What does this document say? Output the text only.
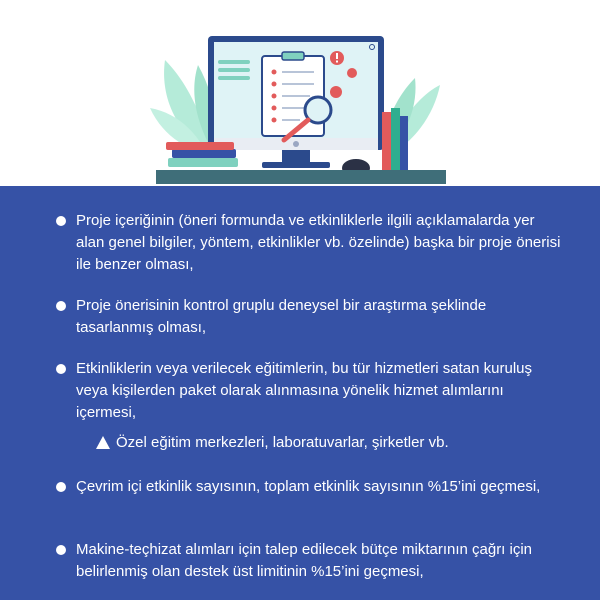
Proje içeriğinin (öneri formunda ve etkinliklerle ilgili açıklamalarda yer alan genel bilgiler, yöntem, etkinlikler vb. özelinde) başka bir proje önerisi ile benzer olması,
Proje önerisinin kontrol gruplu deneysel bir araştırma şeklinde tasarlanmış olması,
Etkinliklerin veya verilecek eğitimlerin, bu tür hizmetleri satan kuruluş veya kişilerden paket olarak alınmasına yönelik hizmet alımlarını içermesi,
Özel eğitim merkezleri, laboratuvarlar, şirketler vb.
Çevrim içi etkinlik sayısının, toplam etkinlik sayısının %15’ini geçmesi,
Makine-teçhizat alımları için talep edilecek bütçe miktarının çağrı için belirlenmiş olan destek üst limitinin %15’ini geçmesi,
